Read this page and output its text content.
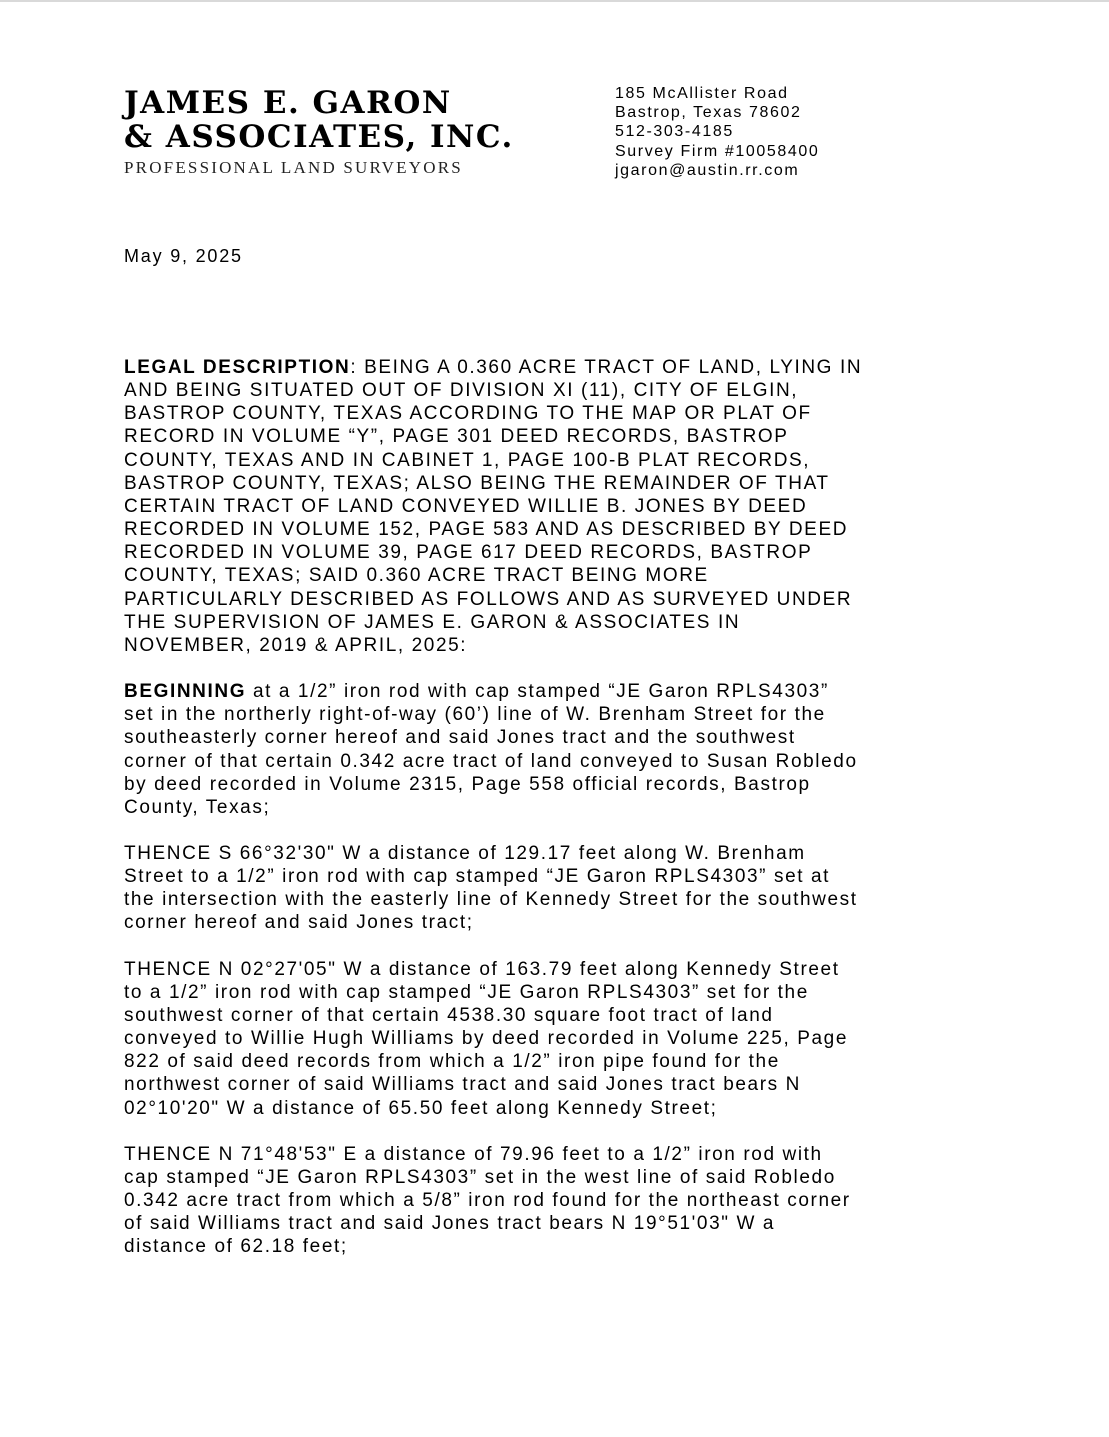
JAMES E. GARON
& ASSOCIATES, INC.
PROFESSIONAL LAND SURVEYORS
185 McAllister Road
Bastrop, Texas 78602
512-303-4185
Survey Firm #10058400
jgaron@austin.rr.com
May 9, 2025

LEGAL DESCRIPTION: BEING A 0.360 ACRE TRACT OF LAND, LYING IN
AND BEING SITUATED OUT OF DIVISION XI (11), CITY OF ELGIN,
BASTROP COUNTY, TEXAS ACCORDING TO THE MAP OR PLAT OF
RECORD IN VOLUME “Y”, PAGE 301 DEED RECORDS, BASTROP
COUNTY, TEXAS AND IN CABINET 1, PAGE 100-B PLAT RECORDS,
BASTROP COUNTY, TEXAS; ALSO BEING THE REMAINDER OF THAT
CERTAIN TRACT OF LAND CONVEYED WILLIE B. JONES BY DEED
RECORDED IN VOLUME 152, PAGE 583 AND AS DESCRIBED BY DEED
RECORDED IN VOLUME 39, PAGE 617 DEED RECORDS, BASTROP
COUNTY, TEXAS; SAID 0.360 ACRE TRACT BEING MORE
PARTICULARLY DESCRIBED AS FOLLOWS AND AS SURVEYED UNDER
THE SUPERVISION OF JAMES E. GARON & ASSOCIATES IN
NOVEMBER, 2019 & APRIL, 2025:

BEGINNING at a 1/2” iron rod with cap stamped “JE Garon RPLS4303”
set in the northerly right-of-way (60’) line of W. Brenham Street for the
southeasterly corner hereof and said Jones tract and the southwest
corner of that certain 0.342 acre tract of land conveyed to Susan Robledo
by deed recorded in Volume 2315, Page 558 official records, Bastrop
County, Texas;

THENCE S 66°32'30" W a distance of 129.17 feet along W. Brenham
Street to a 1/2” iron rod with cap stamped “JE Garon RPLS4303” set at
the intersection with the easterly line of Kennedy Street for the southwest
corner hereof and said Jones tract;

THENCE N 02°27'05" W a distance of 163.79 feet along Kennedy Street
to a 1/2” iron rod with cap stamped “JE Garon RPLS4303” set for the
southwest corner of that certain 4538.30 square foot tract of land
conveyed to Willie Hugh Williams by deed recorded in Volume 225, Page
822 of said deed records from which a 1/2” iron pipe found for the
northwest corner of said Williams tract and said Jones tract bears N
02°10'20" W a distance of 65.50 feet along Kennedy Street;

THENCE N 71°48'53" E a distance of 79.96 feet to a 1/2” iron rod with
cap stamped “JE Garon RPLS4303” set in the west line of said Robledo
0.342 acre tract from which a 5/8” iron rod found for the northeast corner
of said Williams tract and said Jones tract bears N 19°51'03" W a
distance of 62.18 feet;
